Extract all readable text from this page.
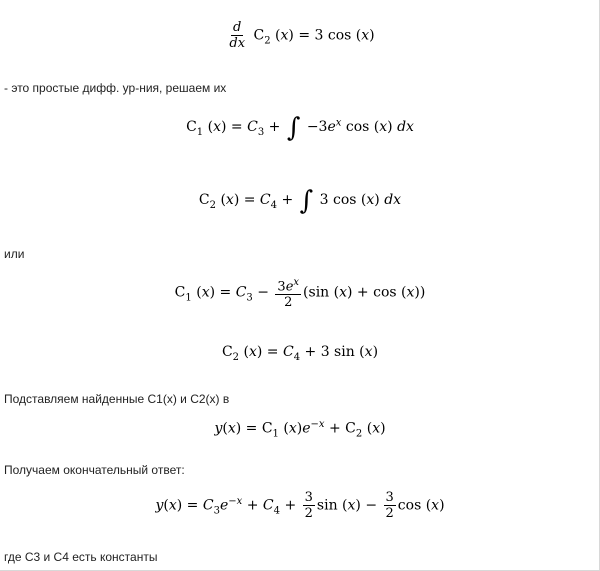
$\frac{d}{dx} C_2$ (x) = 3 cos (x)

- это простые дифф. ур-ния, решаем их

$C_1$ $(x) = C_3$ + ∫ $-3e^x$ cos (x) dx
$C_2$ $(x) = C_4$ + ∫ 3 cos (x) dx

или

$C_1$ $(x) = C_3 - \frac{3e^x}{2} (\sin$ (x) + cos (x))
$C_2$ $(x) = C_4 + 3$ sin (x)

Подставляем найденные C1(x) и C2(x) в

$y(x) = C_1$ $(x)e^{-x} + C_2$ (x)

Получаем окончательный ответ:

$y(x) = C_3e^{-x} + C_4 + \frac{3}{2}$ $\sin (x) - \frac{3}{2}$ cos (x)

где C3 и C4 есть константы
